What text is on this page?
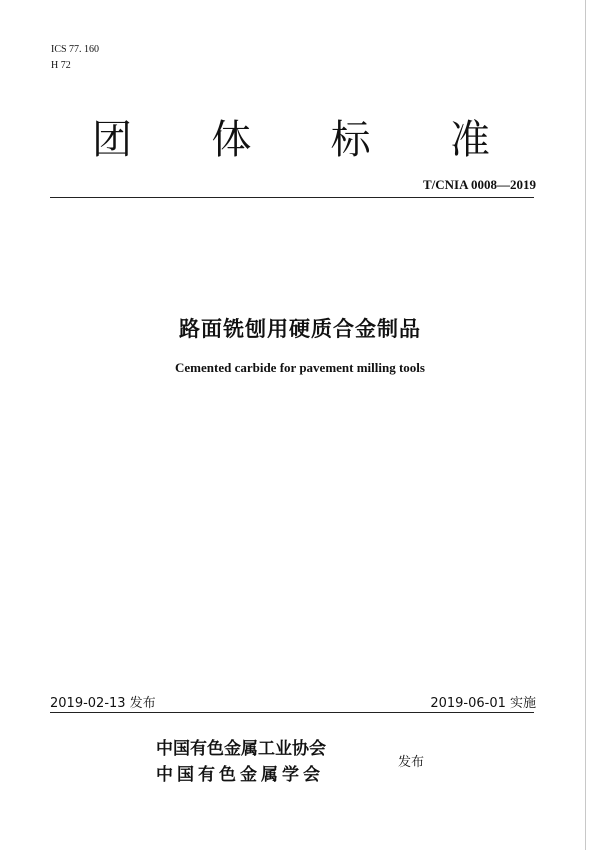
ICS 77. 160
H 72
团 体 标 准
T/CNIA 0008—2019
路面铣刨用硬质合金制品
Cemented carbide for pavement milling tools
2019-02-13 发布	2019-06-01 实施
中国有色金属工业协会
中国有色金属学会
发布
